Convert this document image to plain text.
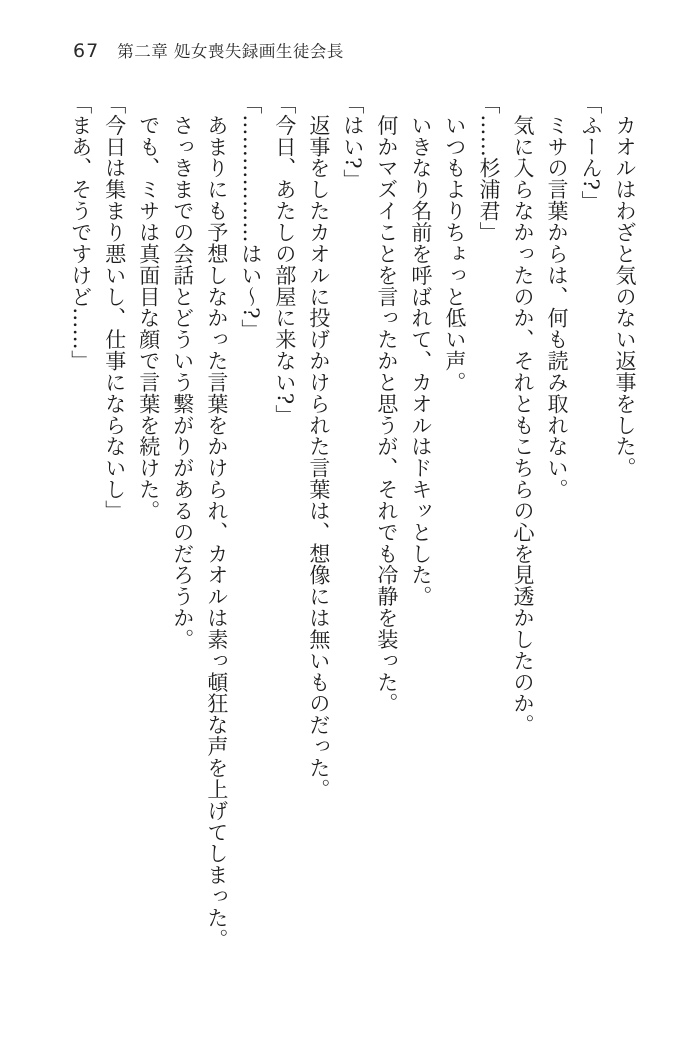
67 第二章 処女喪失録画生徒会長

　カオルはわざと気のない返事をした。

「ふーん?」

　ミサの言葉からは、何も読み取れない。

　気に入らなかったのか、それともこちらの心を見透かしたのか。

「……杉浦君」

　いつもよりちょっと低い声。

　いきなり名前を呼ばれて、カオルはドキッとした。

　何かマズイことを言ったかと思うが、それでも冷静を装った。

「はい?」

　返事をしたカオルに投げかけられた言葉は、想像には無いものだった。

「今日、あたしの部屋に来ない?」

「………………はい〜?」

　あまりにも予想しなかった言葉をかけられ、カオルは素っ頓狂な声を上げてしまった。

　さっきまでの会話とどういう繋がりがあるのだろうか。

　でも、ミサは真面目な顔で言葉を続けた。

「今日は集まり悪いし、仕事にならないし」

「まあ、そうですけど……」
